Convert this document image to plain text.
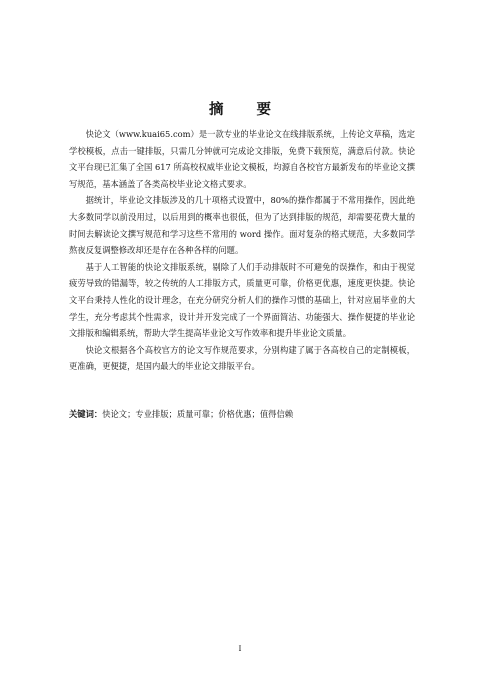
摘 要

快论文（www.kuai65.com）是一款专业的毕业论文在线排版系统，上传论文草稿，选定学校模板，点击一键排版，只需几分钟就可完成论文排版，免费下载预览，满意后付款。快论文平台现已汇集了全国 617 所高校权威毕业论文模板，均源自各校官方最新发布的毕业论文撰写规范，基本涵盖了各类高校毕业论文格式要求。

据统计，毕业论文排版涉及的几十项格式设置中，80%的操作都属于不常用操作，因此绝大多数同学以前没用过，以后用到的概率也很低，但为了达到排版的规范，却需要花费大量的时间去解读论文撰写规范和学习这些不常用的 word 操作。面对复杂的格式规范，大多数同学熬夜反复调整修改却还是存在各种各样的问题。

基于人工智能的快论文排版系统，剔除了人们手动排版时不可避免的误操作，和由于视觉疲劳导致的错漏等，较之传统的人工排版方式，质量更可靠，价格更优惠，速度更快捷。快论文平台秉持人性化的设计理念，在充分研究分析人们的操作习惯的基础上，针对应届毕业的大学生，充分考虑其个性需求，设计并开发完成了一个界面简洁、功能强大、操作便捷的毕业论文排版和编辑系统，帮助大学生提高毕业论文写作效率和提升毕业论文质量。

快论文根据各个高校官方的论文写作规范要求，分别构建了属于各高校自己的定制模板，更准确，更便捷，是国内最大的毕业论文排版平台。

关键词：快论文；专业排版；质量可靠；价格优惠；值得信赖

I
